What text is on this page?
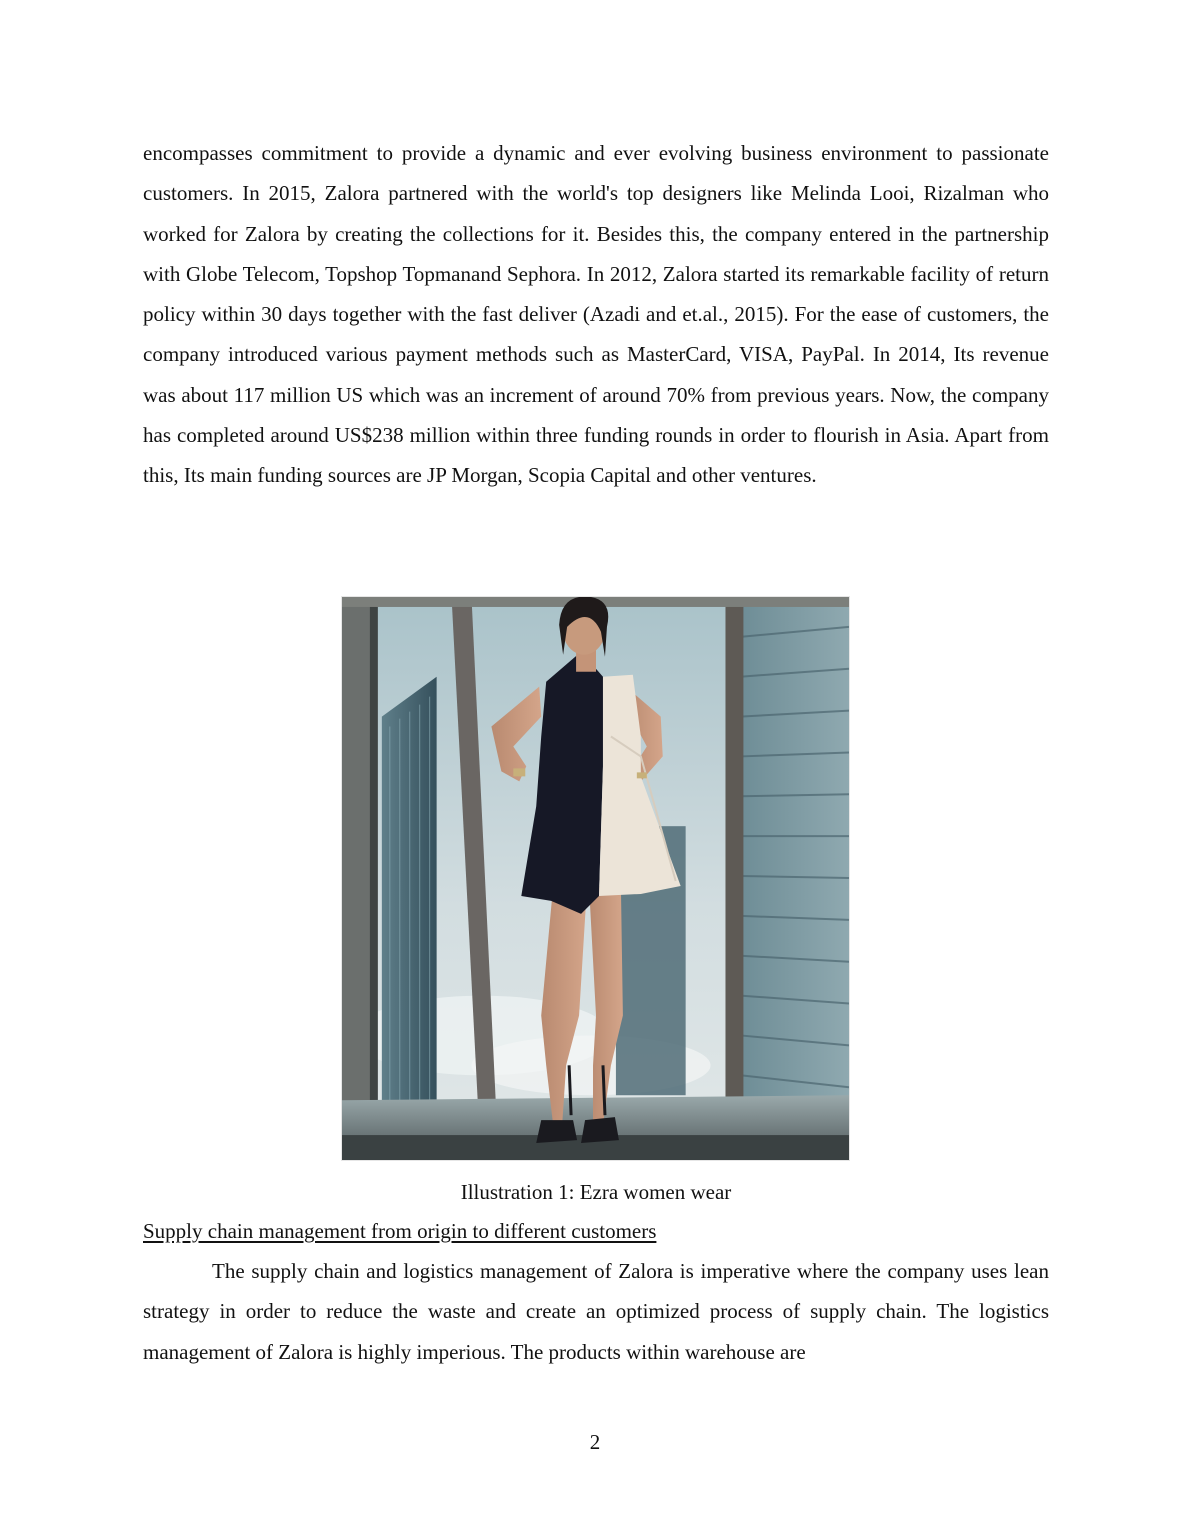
encompasses commitment to provide a dynamic and ever evolving business environment to passionate customers. In 2015, Zalora partnered with the world's top designers like Melinda Looi, Rizalman who worked for Zalora by creating the collections for it. Besides this, the company entered in the partnership with Globe Telecom, Topshop Topmanand Sephora. In 2012, Zalora started its remarkable facility of return policy within 30 days together with the fast deliver (Azadi and et.al., 2015). For the ease of customers, the company introduced various payment methods such as MasterCard, VISA, PayPal. In 2014, Its revenue was about 117 million US which was an increment of around 70% from previous years. Now, the company has completed around US$238 million within three funding rounds in order to flourish in Asia. Apart from this, Its main funding sources are JP Morgan, Scopia Capital and other ventures.

Illustration 1: Ezra women wear
Supply chain management from origin to different customers

The supply chain and logistics management of Zalora is imperative where the company uses lean strategy in order to reduce the waste and create an optimized process of supply chain. The logistics management of Zalora is highly imperious. The products within warehouse are

2
